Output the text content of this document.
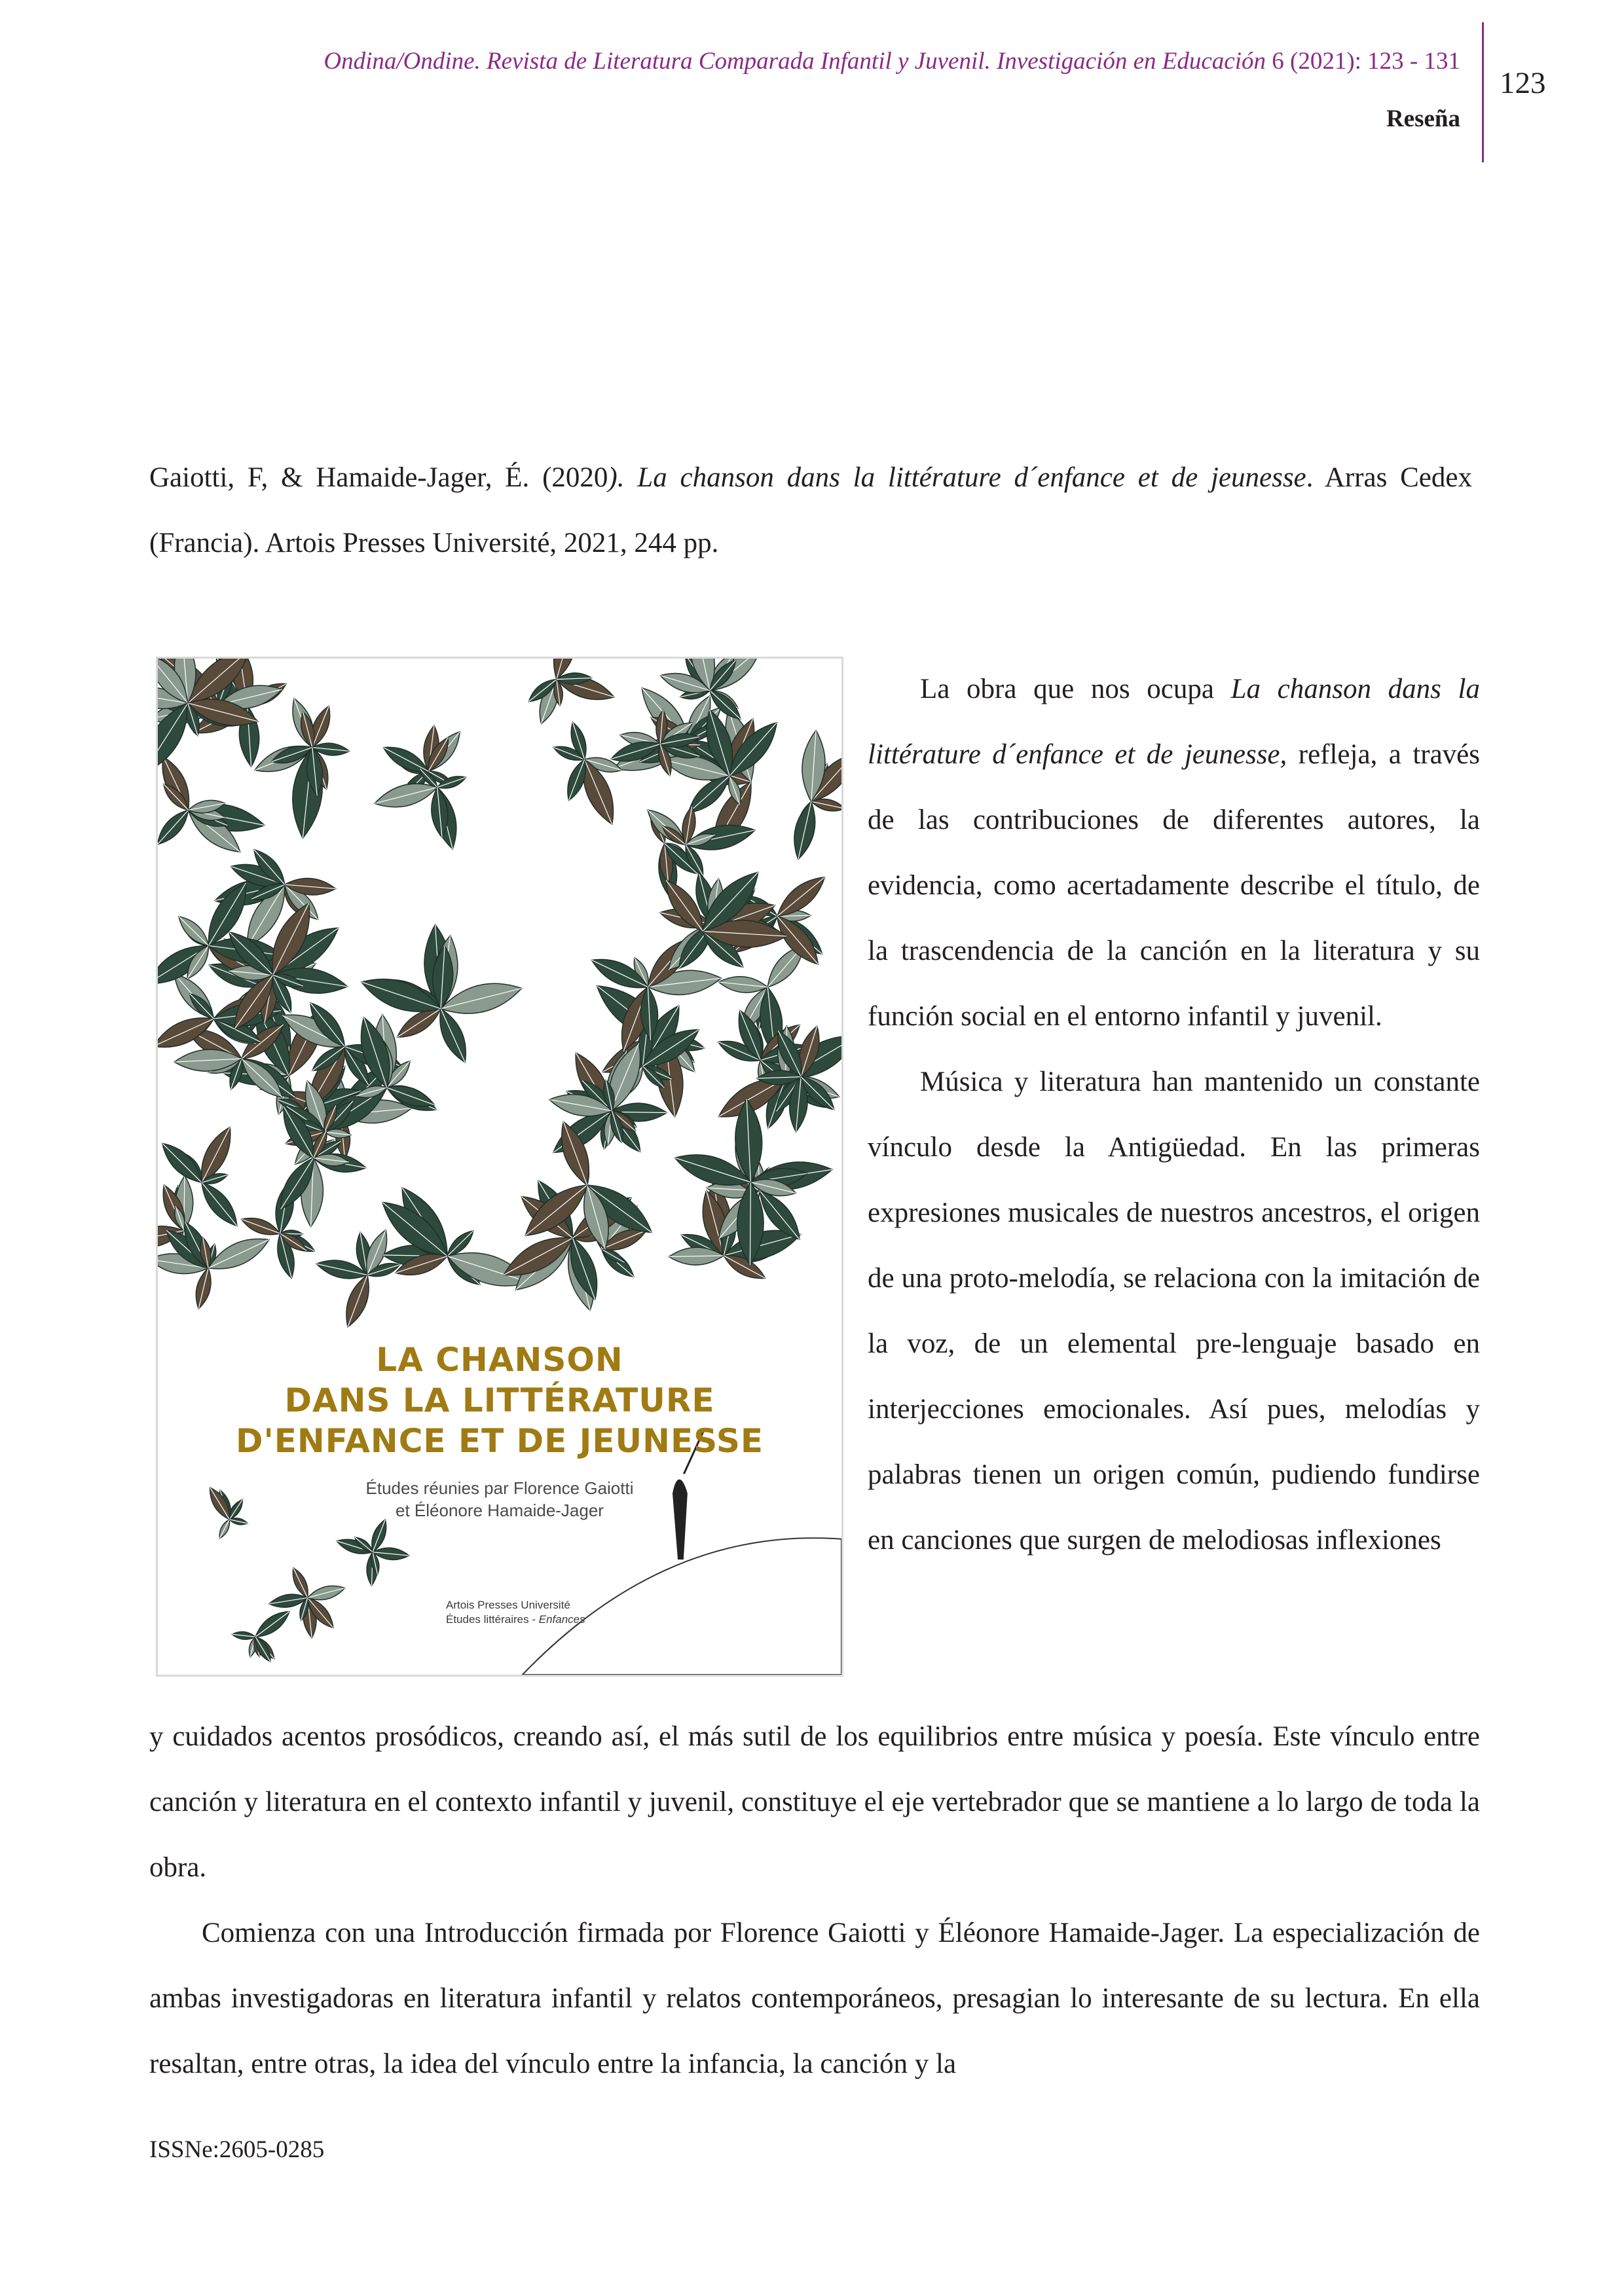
Ondina/Ondine. Revista de Literatura Comparada Infantil y Juvenil. Investigación en Educación 6 (2021): 123 - 131
Reseña
123
Gaiotti, F, & Hamaide-Jager, É. (2020). La chanson dans la littérature d´enfance et de jeunesse. Arras Cedex (Francia). Artois Presses Université, 2021, 244 pp.
LA CHANSON
DANS LA LITTÉRATURE
D'ENFANCE ET DE JEUNESSE
Études réunies par Florence Gaiotti
et Éléonore Hamaide-Jager
Artois Presses Université
Études littéraires - Enfances

La obra que nos ocupa La chanson dans la littérature d´enfance et de jeunesse, refleja, a través de las contribuciones de diferentes autores, la evidencia, como acertadamente describe el título, de la trascendencia de la canción en la literatura y su función social en el entorno infantil y juvenil.

Música y literatura han mantenido un constante vínculo desde la Antigüedad. En las primeras expresiones musicales de nuestros ancestros, el origen de una proto-melodía, se relaciona con la imitación de la voz, de un elemental pre-lenguaje basado en interjecciones emocionales. Así pues, melodías y palabras tienen un origen común, pudiendo fundirse en canciones que surgen de melodiosas inflexiones

y cuidados acentos prosódicos, creando así, el más sutil de los equilibrios entre música y poesía. Este vínculo entre canción y literatura en el contexto infantil y juvenil, constituye el eje vertebrador que se mantiene a lo largo de toda la obra.

Comienza con una Introducción firmada por Florence Gaiotti y Éléonore Hamaide-Jager. La especialización de ambas investigadoras en literatura infantil y relatos contemporáneos, presagian lo interesante de su lectura. En ella resaltan, entre otras, la idea del vínculo entre la infancia, la canción y la

ISSNe:2605-0285
